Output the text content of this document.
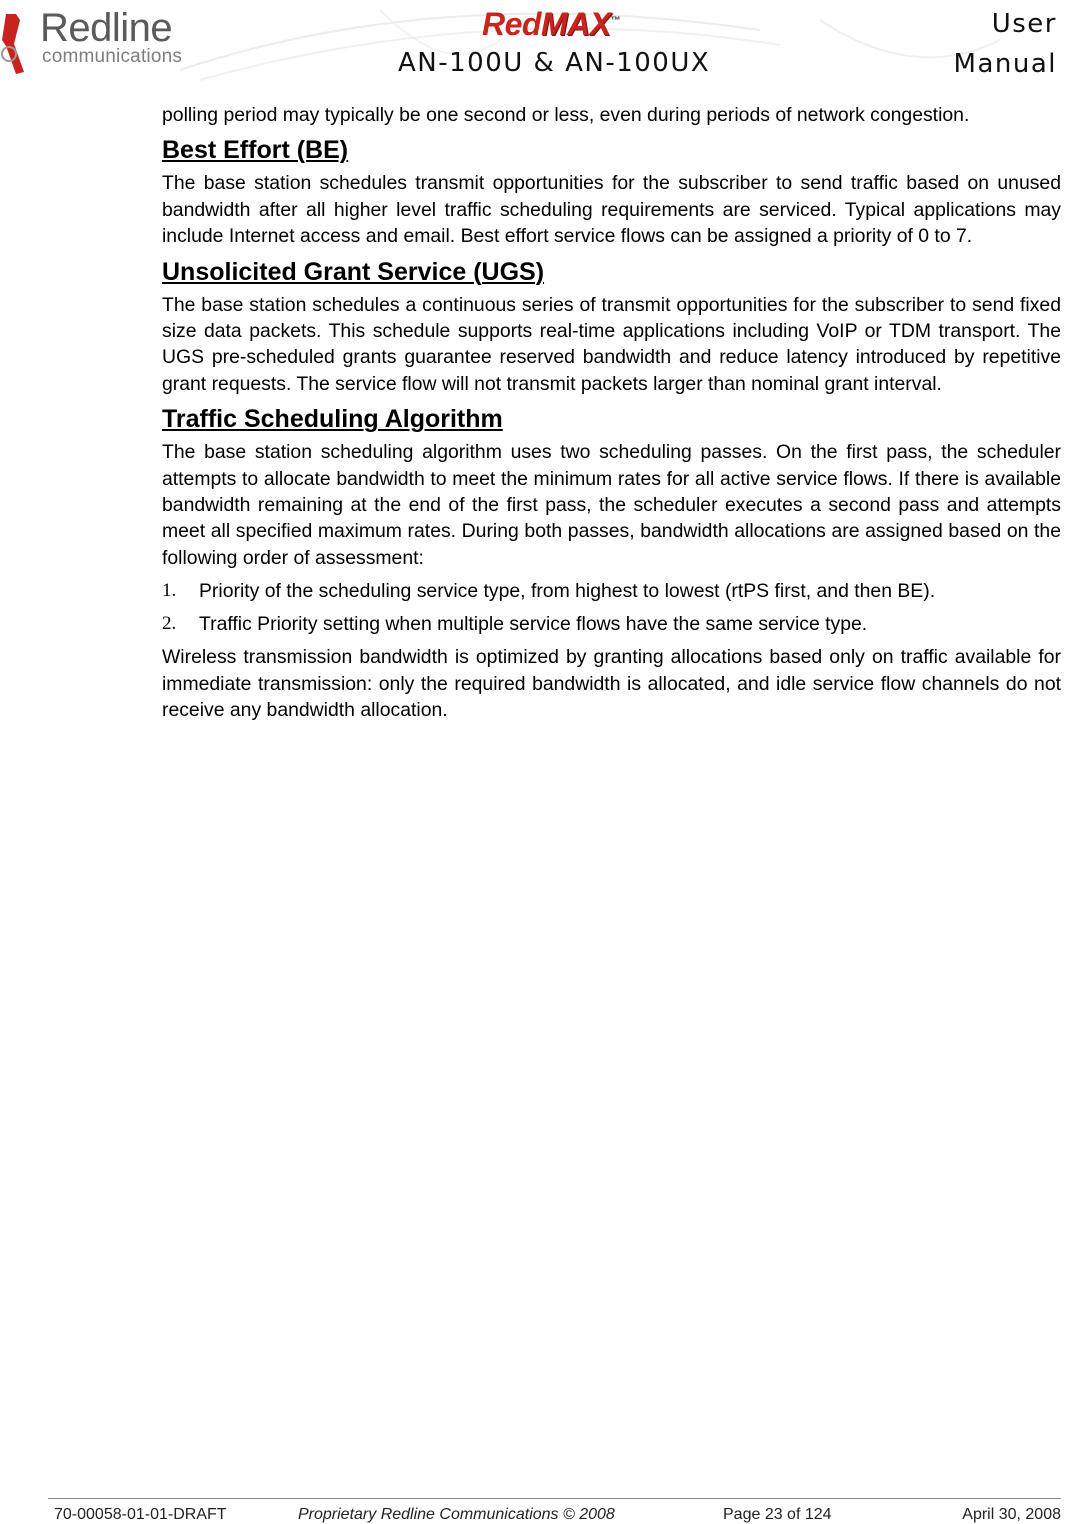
Redline
communications
RedMAX™
AN-100U & AN-100UX
User
Manual

polling period may typically be one second or less, even during periods of network congestion.

Best Effort (BE)

The base station schedules transmit opportunities for the subscriber to send traffic based on unused bandwidth after all higher level traffic scheduling requirements are serviced. Typical applications may include Internet access and email. Best effort service flows can be assigned a priority of 0 to 7.

Unsolicited Grant Service (UGS)

The base station schedules a continuous series of transmit opportunities for the subscriber to send fixed size data packets. This schedule supports real-time applications including VoIP or TDM transport. The UGS pre-scheduled grants guarantee reserved bandwidth and reduce latency introduced by repetitive grant requests. The service flow will not transmit packets larger than nominal grant interval.

Traffic Scheduling Algorithm

The base station scheduling algorithm uses two scheduling passes. On the first pass, the scheduler attempts to allocate bandwidth to meet the minimum rates for all active service flows. If there is available bandwidth remaining at the end of the first pass, the scheduler executes a second pass and attempts meet all specified maximum rates. During both passes, bandwidth allocations are assigned based on the following order of assessment:

1. Priority of the scheduling service type, from highest to lowest (rtPS first, and then BE).
2. Traffic Priority setting when multiple service flows have the same service type.

Wireless transmission bandwidth is optimized by granting allocations based only on traffic available for immediate transmission: only the required bandwidth is allocated, and idle service flow channels do not receive any bandwidth allocation.

70-00058-01-01-DRAFT	Proprietary Redline Communications © 2008	Page 23 of 124	April 30, 2008
